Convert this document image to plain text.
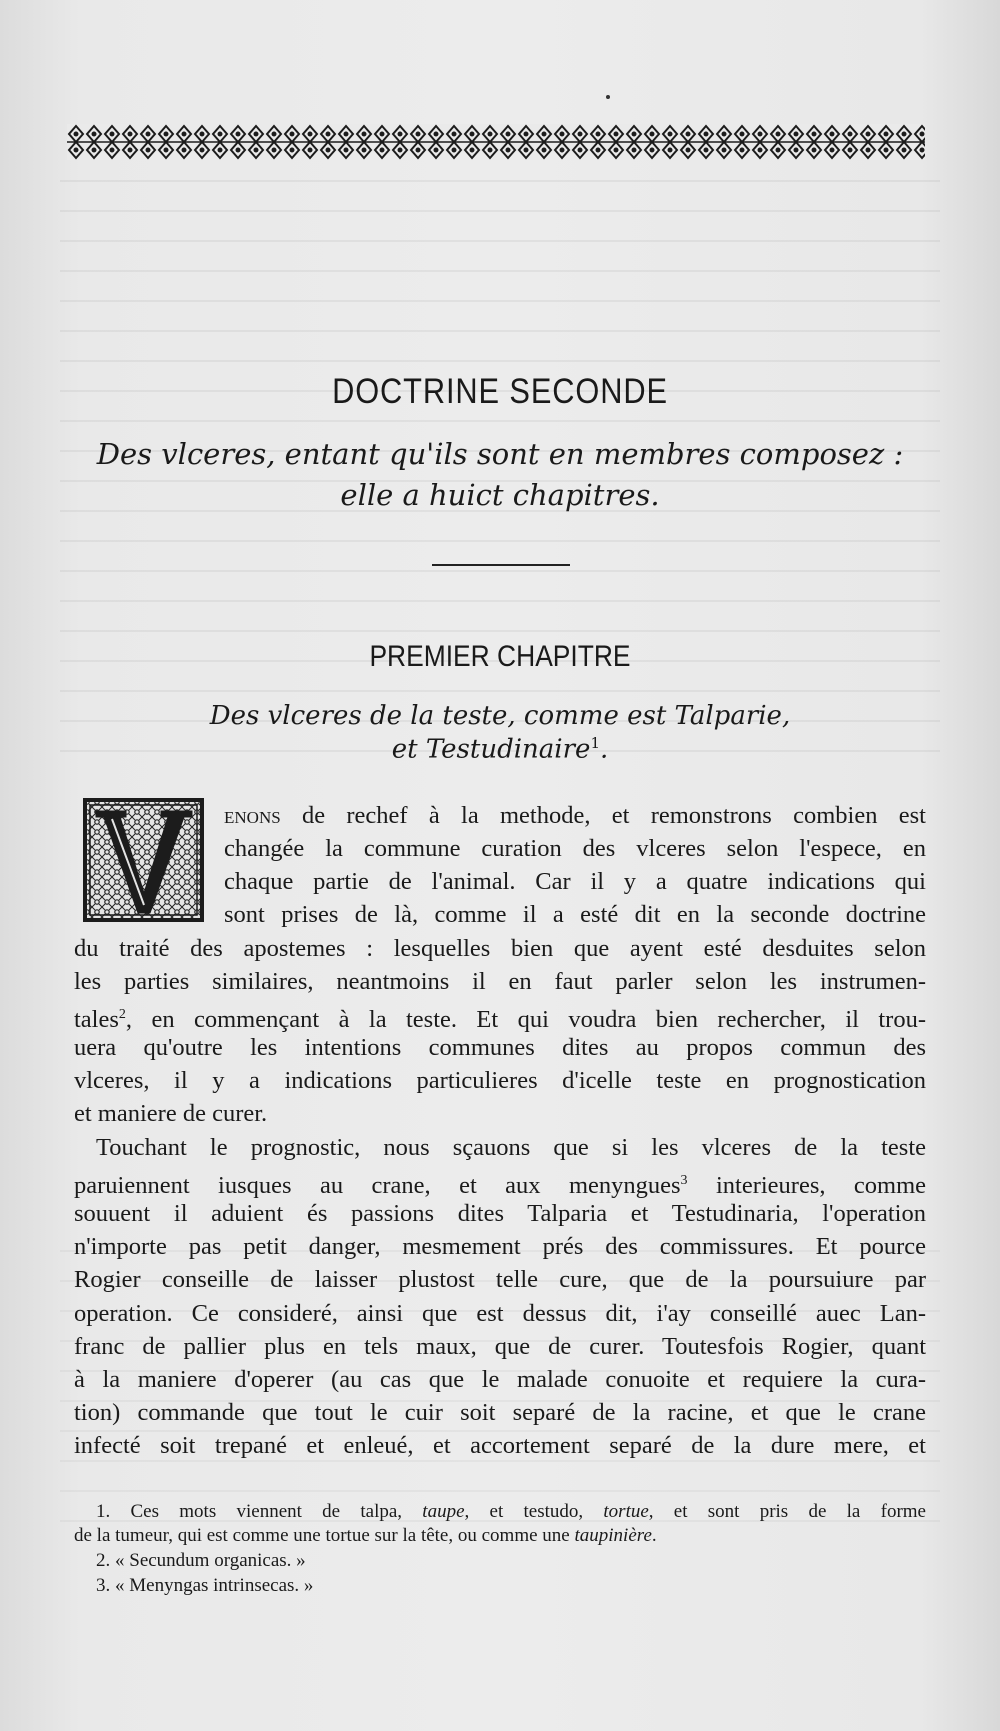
DOCTRINE SECONDE
Des vlceres, entant qu'ils sont en membres composez :
elle a huict chapitres.
PREMIER CHAPITRE
Des vlceres de la teste, comme est Talparie,
et Testudinaire$^1$.
enons de rechef à la methode, et remonstrons combien est
changée la commune curation des vlceres selon l'espece, en
chaque partie de l'animal. Car il y a quatre indications qui
sont prises de là, comme il a esté dit en la seconde doctrine
du traité des apostemes : lesquelles bien que ayent esté desduites selon
les parties similaires, neantmoins il en faut parler selon les instrumen-
tales$^2$, en commençant à la teste. Et qui voudra bien rechercher, il trou-
uera qu'outre les intentions communes dites au propos commun des
vlceres, il y a indications particulieres d'icelle teste en prognostication
et maniere de curer.
Touchant le prognostic, nous sçauons que si les vlceres de la teste
paruiennent iusques au crane, et aux menyngues$^3$ interieures, comme
souuent il aduient és passions dites Talparia et Testudinaria, l'operation
n'importe pas petit danger, mesmement prés des commissures. Et pource
Rogier conseille de laisser plustost telle cure, que de la poursuiure par
operation. Ce consideré, ainsi que est dessus dit, i'ay conseillé auec Lan-
franc de pallier plus en tels maux, que de curer. Toutesfois Rogier, quant
à la maniere d'operer (au cas que le malade conuoite et requiere la cura-
tion) commande que tout le cuir soit separé de la racine, et que le crane
infecté soit trepané et enleué, et accortement separé de la dure mere, et
1. Ces mots viennent de talpa, taupe, et testudo, tortue, et sont pris de la forme
de la tumeur, qui est comme une tortue sur la tête, ou comme une taupinière.
2. « Secundum organicas. »
3. « Menyngas intrinsecas. »
